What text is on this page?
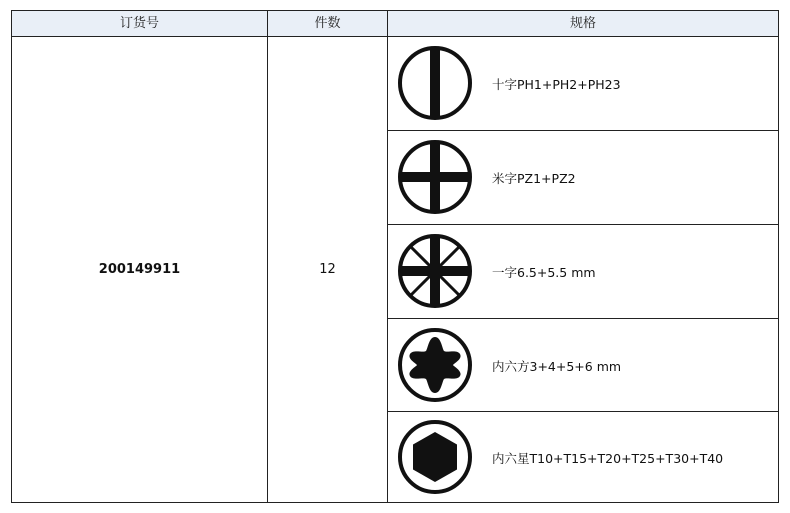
订货号	件数	规格
200149911	12
十字PH1+PH2+PH23
米字PZ1+PZ2
一字6.5+5.5 mm
内六方3+4+5+6 mm
内六星T10+T15+T20+T25+T30+T40
